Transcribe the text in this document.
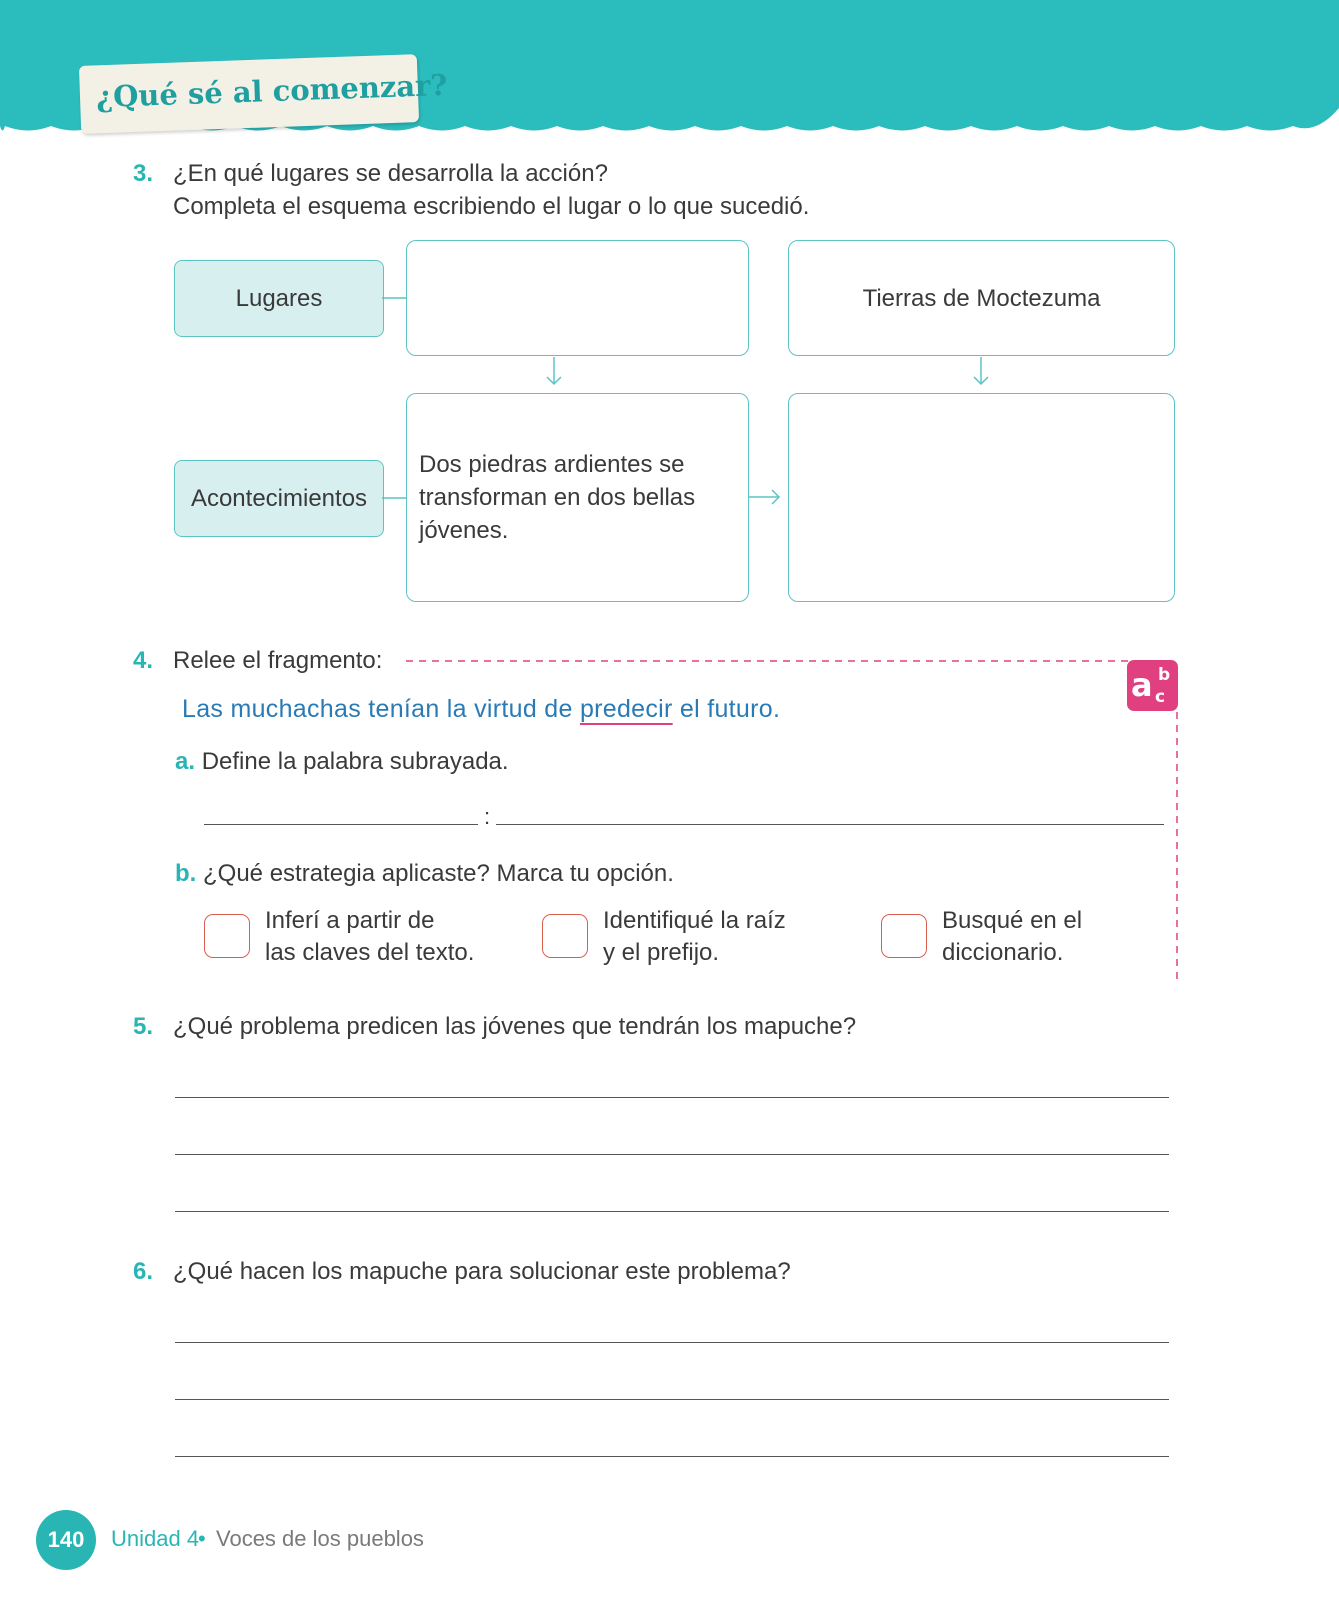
¿Qué sé al comenzar?
3. ¿En qué lugares se desarrolla la acción?
Completa el esquema escribiendo el lugar o lo que sucedió.
Lugares
Acontecimientos
Tierras de Moctezuma
Dos piedras ardientes se transforman en dos bellas jóvenes.
4. Relee el fragmento:
a b
c
Las muchachas tenían la virtud de predecir el futuro.
a. Define la palabra subrayada.
:
b. ¿Qué estrategia aplicaste? Marca tu opción.
Inferí a partir de
las claves del texto.
Identifiqué la raíz
y el prefijo.
Busqué en el
diccionario.
5. ¿Qué problema predicen las jóvenes que tendrán los mapuche?
6. ¿Qué hacen los mapuche para solucionar este problema?
140	Unidad 4
• Voces de los pueblos
